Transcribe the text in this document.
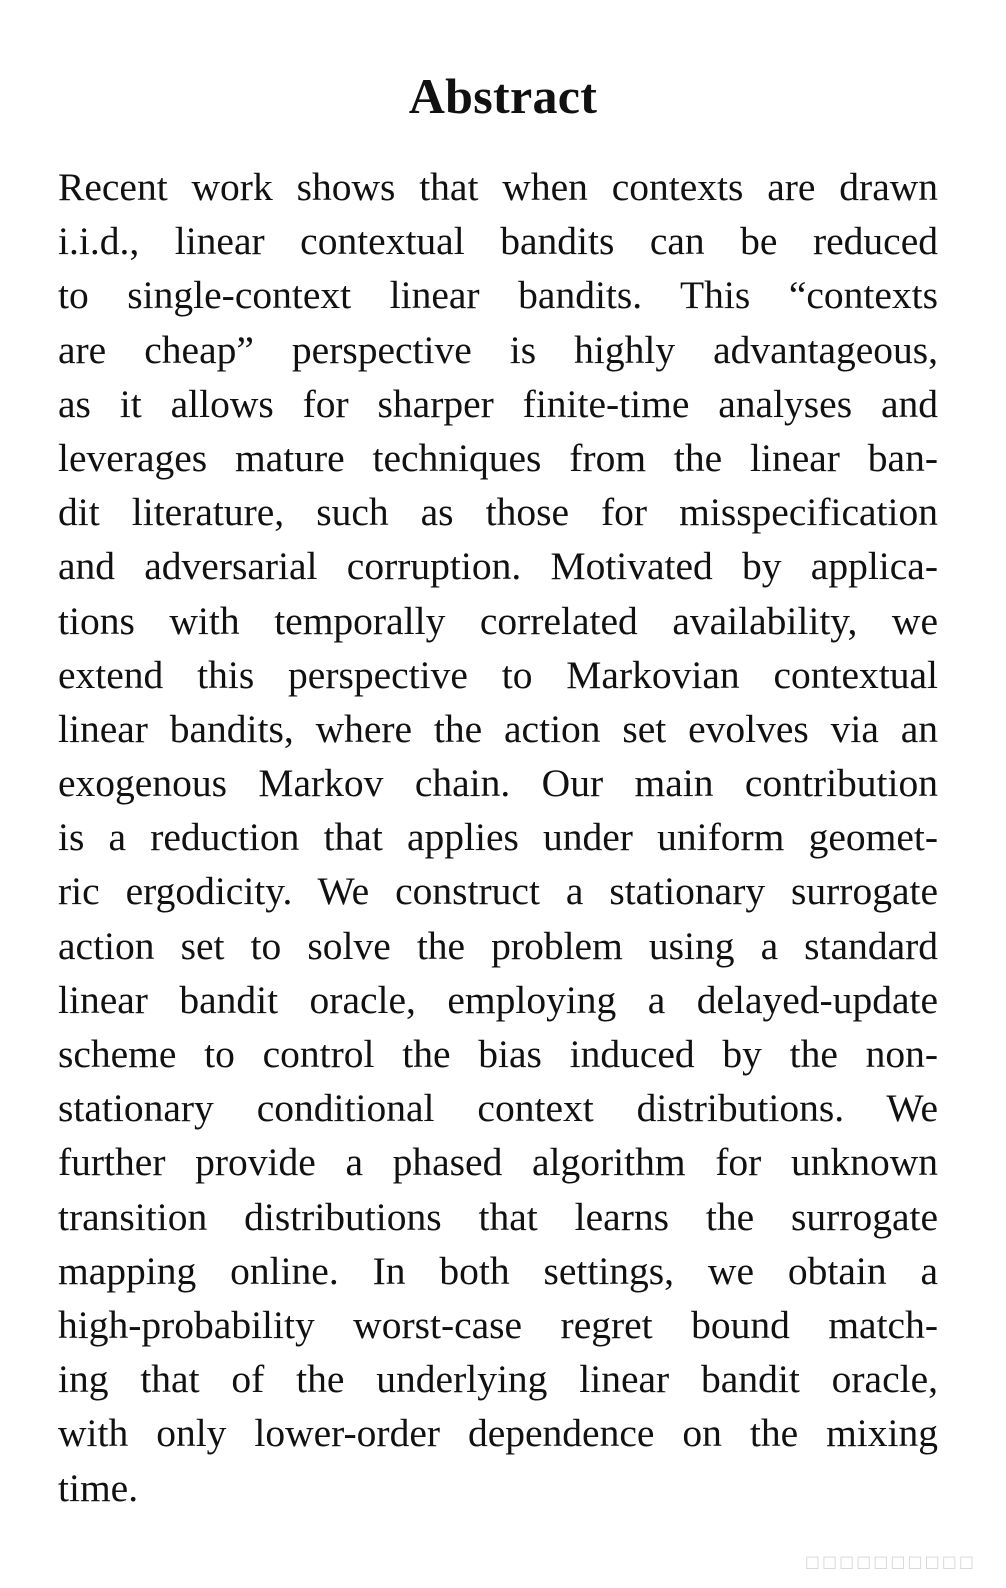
Abstract
Recent work shows that when contexts are drawn
i.i.d., linear contextual bandits can be reduced
to single-context linear bandits. This “contexts
are cheap” perspective is highly advantageous,
as it allows for sharper finite-time analyses and
leverages mature techniques from the linear ban-
dit literature, such as those for misspecification
and adversarial corruption. Motivated by applica-
tions with temporally correlated availability, we
extend this perspective to Markovian contextual
linear bandits, where the action set evolves via an
exogenous Markov chain. Our main contribution
is a reduction that applies under uniform geomet-
ric ergodicity. We construct a stationary surrogate
action set to solve the problem using a standard
linear bandit oracle, employing a delayed-update
scheme to control the bias induced by the non-
stationary conditional context distributions. We
further provide a phased algorithm for unknown
transition distributions that learns the surrogate
mapping online. In both settings, we obtain a
high-probability worst-case regret bound match-
ing that of the underlying linear bandit oracle,
with only lower-order dependence on the mixing
time.
□□□□□□□□□□
